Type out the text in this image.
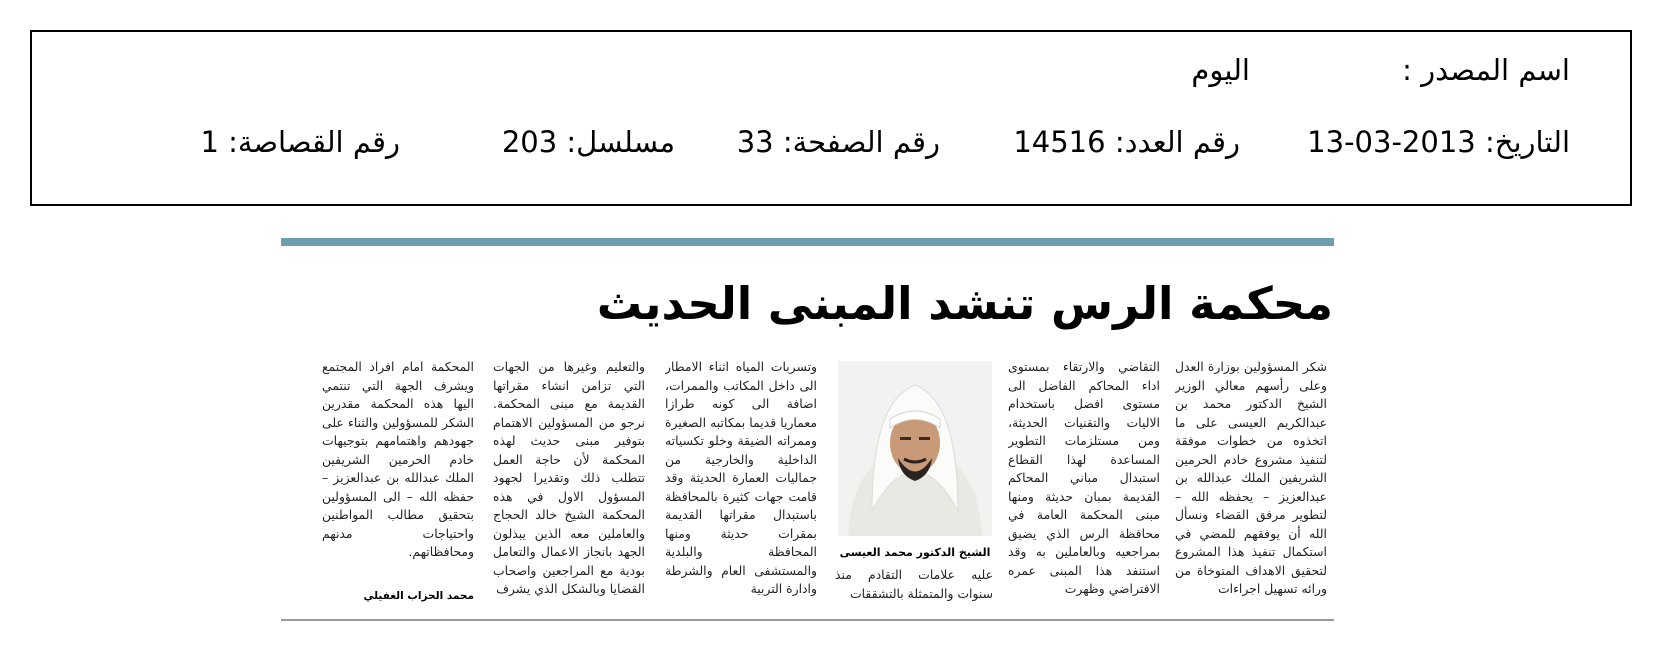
اسم المصدر :
اليوم
التاريخ: 2013-03-13
رقم العدد: 14516
رقم الصفحة: 33
مسلسل: 203
رقم القصاصة: 1
محكمة الرس تنشد المبنى الحديث
شكر المسؤولين بوزارة العدل وعلى رأسهم معالي الوزير الشيخ الدكتور محمد بن عبدالكريم العيسى على ما اتخذوه من خطوات موفقة لتنفيذ مشروع خادم الحرمين الشريفين الملك عبدالله بن عبدالعزيز – يحفظه الله – لتطوير مرفق القضاء ونسأل الله أن يوفقهم للمضي في استكمال تنفيذ هذا المشروع لتحقيق الاهداف المتوخاة من ورائه تسهيل اجراءات
التقاضي والارتقاء بمستوى اداء المحاكم الفاضل الى مستوى افضل باستخدام الاليات والتقنيات الحديثة، ومن مستلزمات التطوير المساعدة لهذا القطاع استبدال مباني المحاكم القديمة بمبان حديثة ومنها مبنى المحكمة العامة في محافظة الرس الذي يضيق بمراجعيه وبالعاملين به وقد استنفد هذا المبنى عمره الافتراضي وظهرت
الشيخ الدكتور محمد العيسى
عليه علامات التقادم منذ سنوات والمتمثلة بالتشققات
وتسربات المياه اثناء الامطار الى داخل المكاتب والممرات، اضافة الى كونه طرازا معماريا قديما بمكاتبه الصغيرة وممراته الضيقة وخلو تكسياته الداخلية والخارجية من جماليات العمارة الحديثة وقد قامت جهات كثيرة بالمحافظة باستبدال مقراتها القديمة بمقرات حديثة ومنها المحافظة والبلدية والمستشفى العام والشرطة وادارة التربية
والتعليم وغيرها من الجهات التي تزامن انشاء مقراتها القديمة مع مبنى المحكمة. نرجو من المسؤولين الاهتمام بتوفير مبنى حديث لهذه المحكمة لأن حاجة العمل تتطلب ذلك وتقديرا لجهود المسؤول الاول في هذه المحكمة الشيخ خالد الحجاج والعاملين معه الذين يبذلون الجهد بانجاز الاعمال والتعامل بودية مع المراجعين واصحاب القضايا وبالشكل الذي يشرف
المحكمة امام افراد المجتمع ويشرف الجهة التي تنتمي اليها هذه المحكمة مقدرين الشكر للمسؤولين والثناء على جهودهم واهتمامهم بتوجيهات خادم الحرمين الشريفين الملك عبدالله بن عبدالعزيز – حفظه الله – الى المسؤولين بتحقيق مطالب المواطنين واحتياجات مدنهم ومحافظاتهم.
محمد الحزاب الغفيلي
